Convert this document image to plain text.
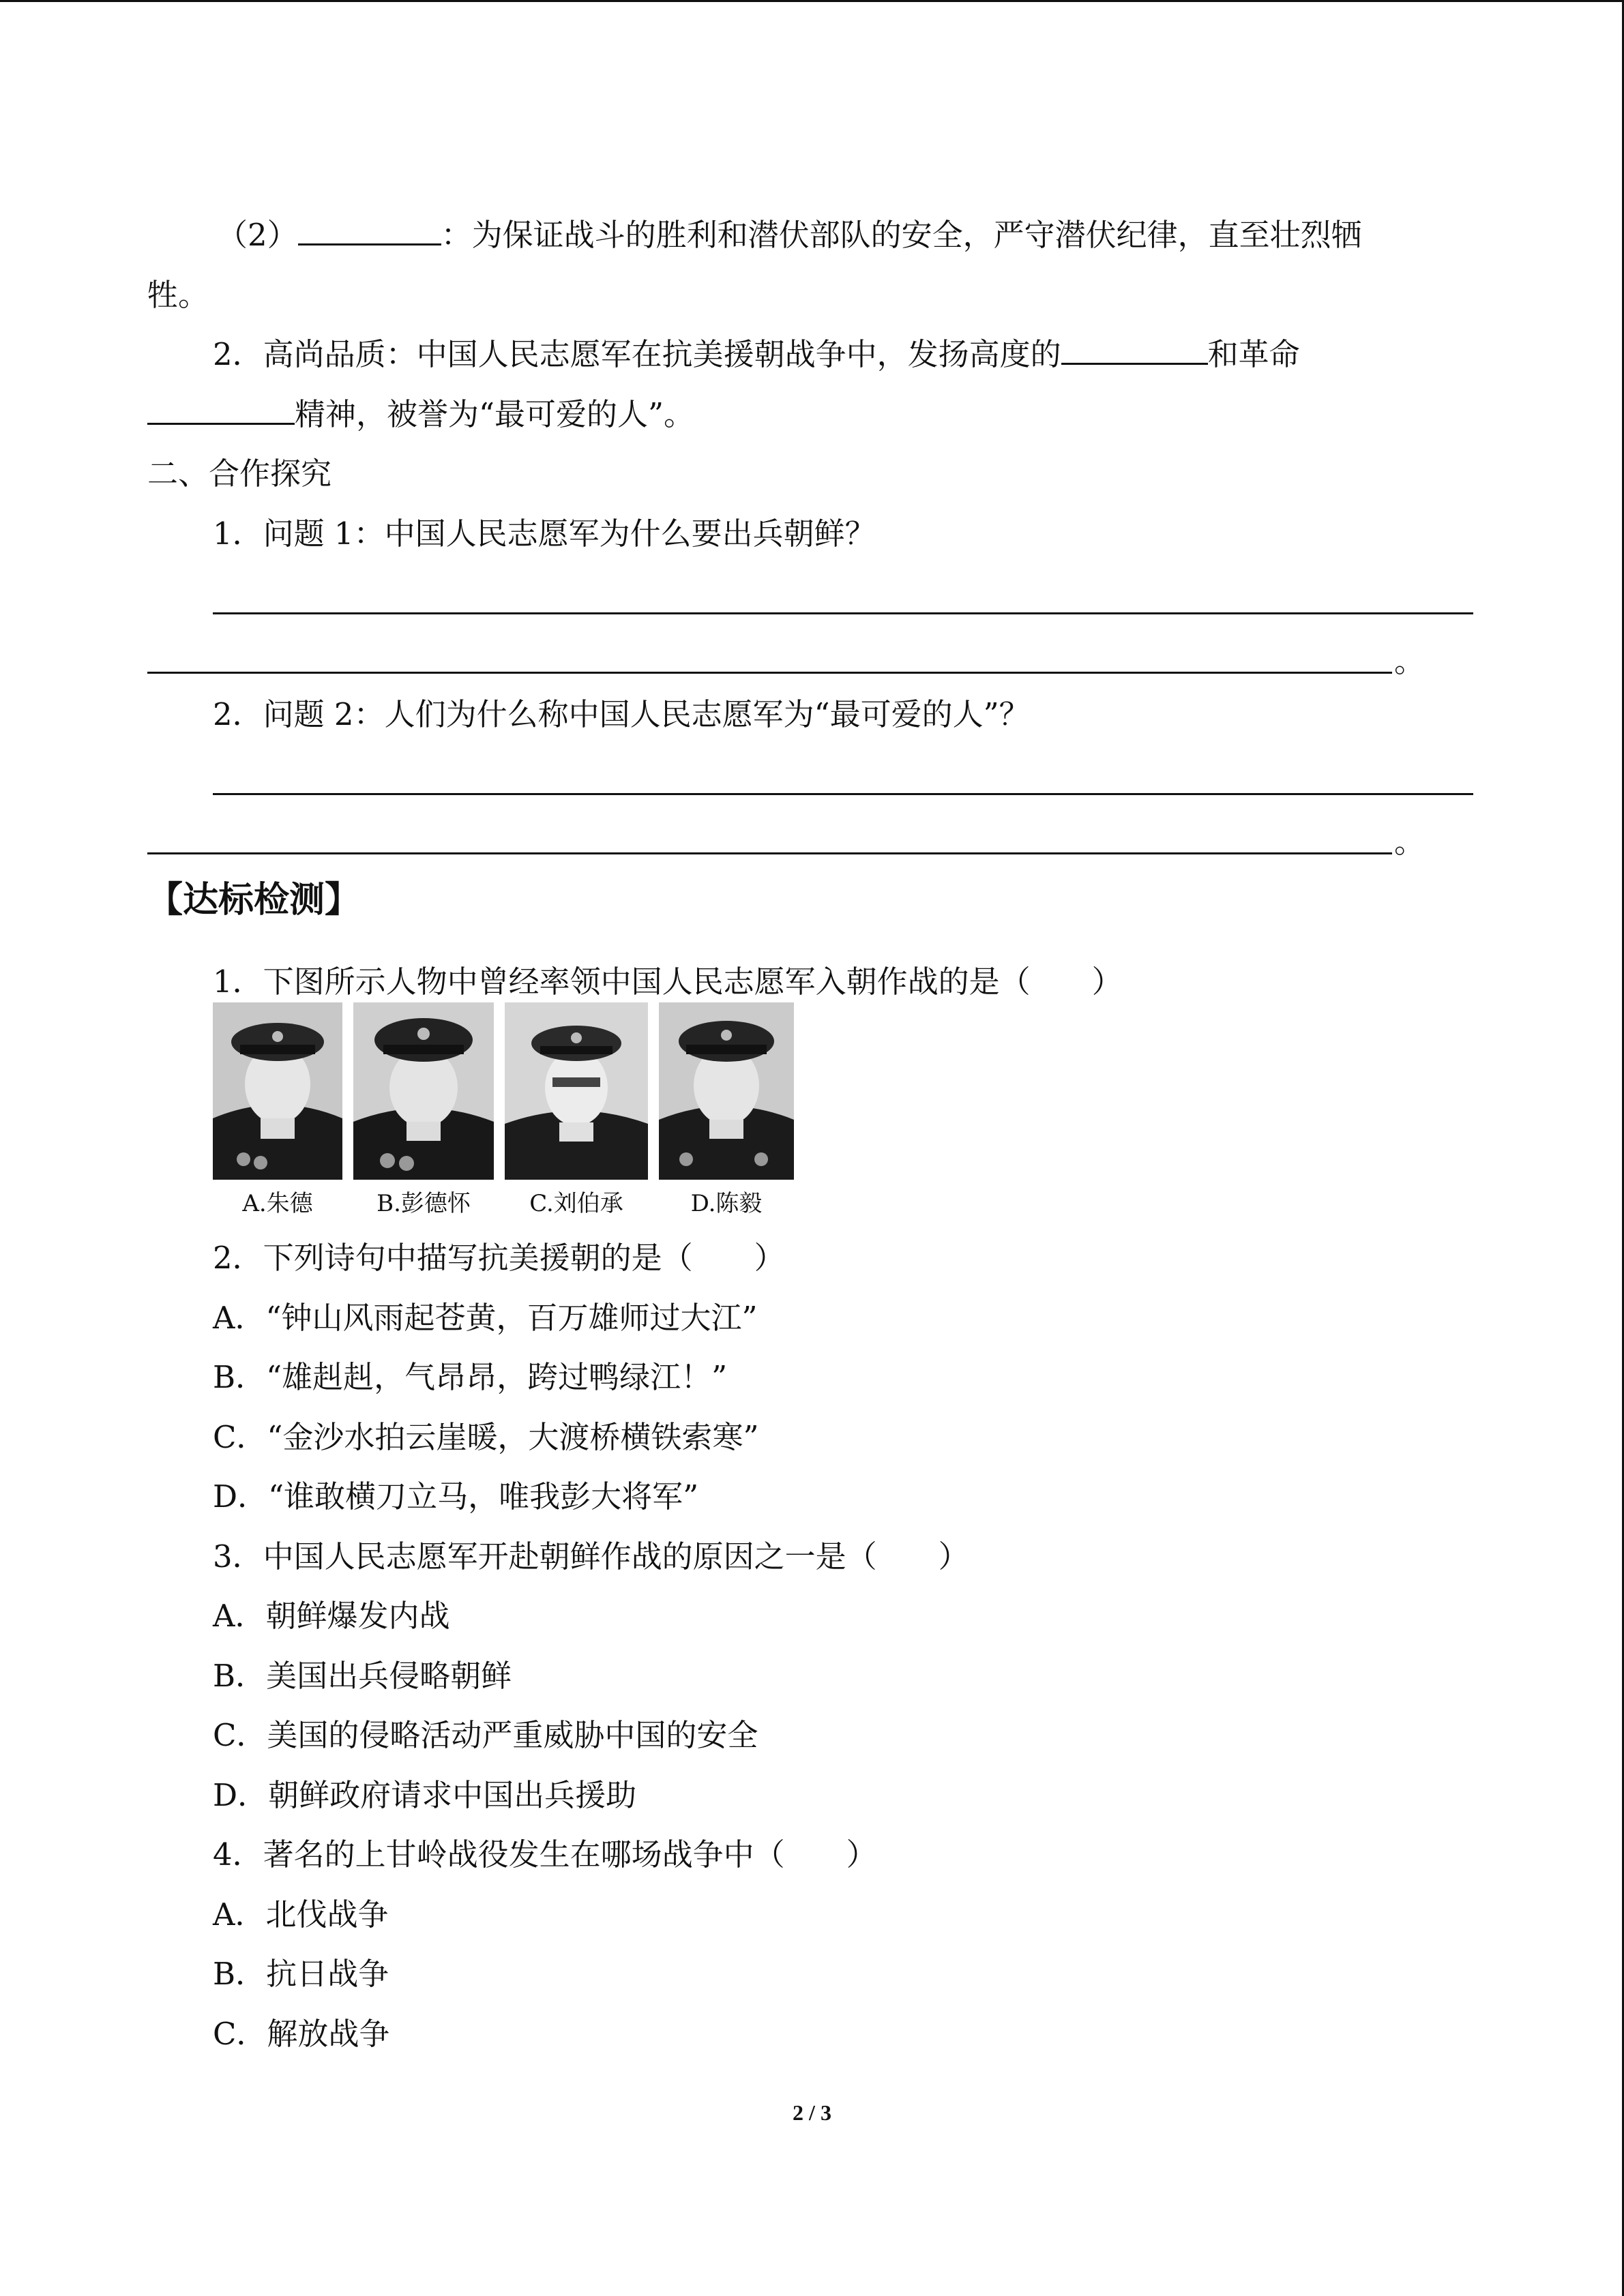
（2）	：为保证战斗的胜利和潜伏部队的安全，严守潜伏纪律，直至壮烈牺
牲。
2．高尚品质：中国人民志愿军在抗美援朝战争中，发扬高度的	和革命
精神，被誉为“最可爱的人”。
二、合作探究
1．问题 1：中国人民志愿军为什么要出兵朝鲜？
。
2．问题 2：人们为什么称中国人民志愿军为“最可爱的人”？
。
【达标检测】
1．下图所示人物中曾经率领中国人民志愿军入朝作战的是（　　）
A.朱德	B.彭德怀	C.刘伯承	D.陈毅
2．下列诗句中描写抗美援朝的是（　　）
A．“钟山风雨起苍黄，百万雄师过大江”
B．“雄赳赳，气昂昂，跨过鸭绿江！”
C．“金沙水拍云崖暖，大渡桥横铁索寒”
D．“谁敢横刀立马，唯我彭大将军”
3．中国人民志愿军开赴朝鲜作战的原因之一是（　　）
A．朝鲜爆发内战
B．美国出兵侵略朝鲜
C．美国的侵略活动严重威胁中国的安全
D．朝鲜政府请求中国出兵援助
4．著名的上甘岭战役发生在哪场战争中（　　）
A．北伐战争
B．抗日战争
C．解放战争
2 / 3
